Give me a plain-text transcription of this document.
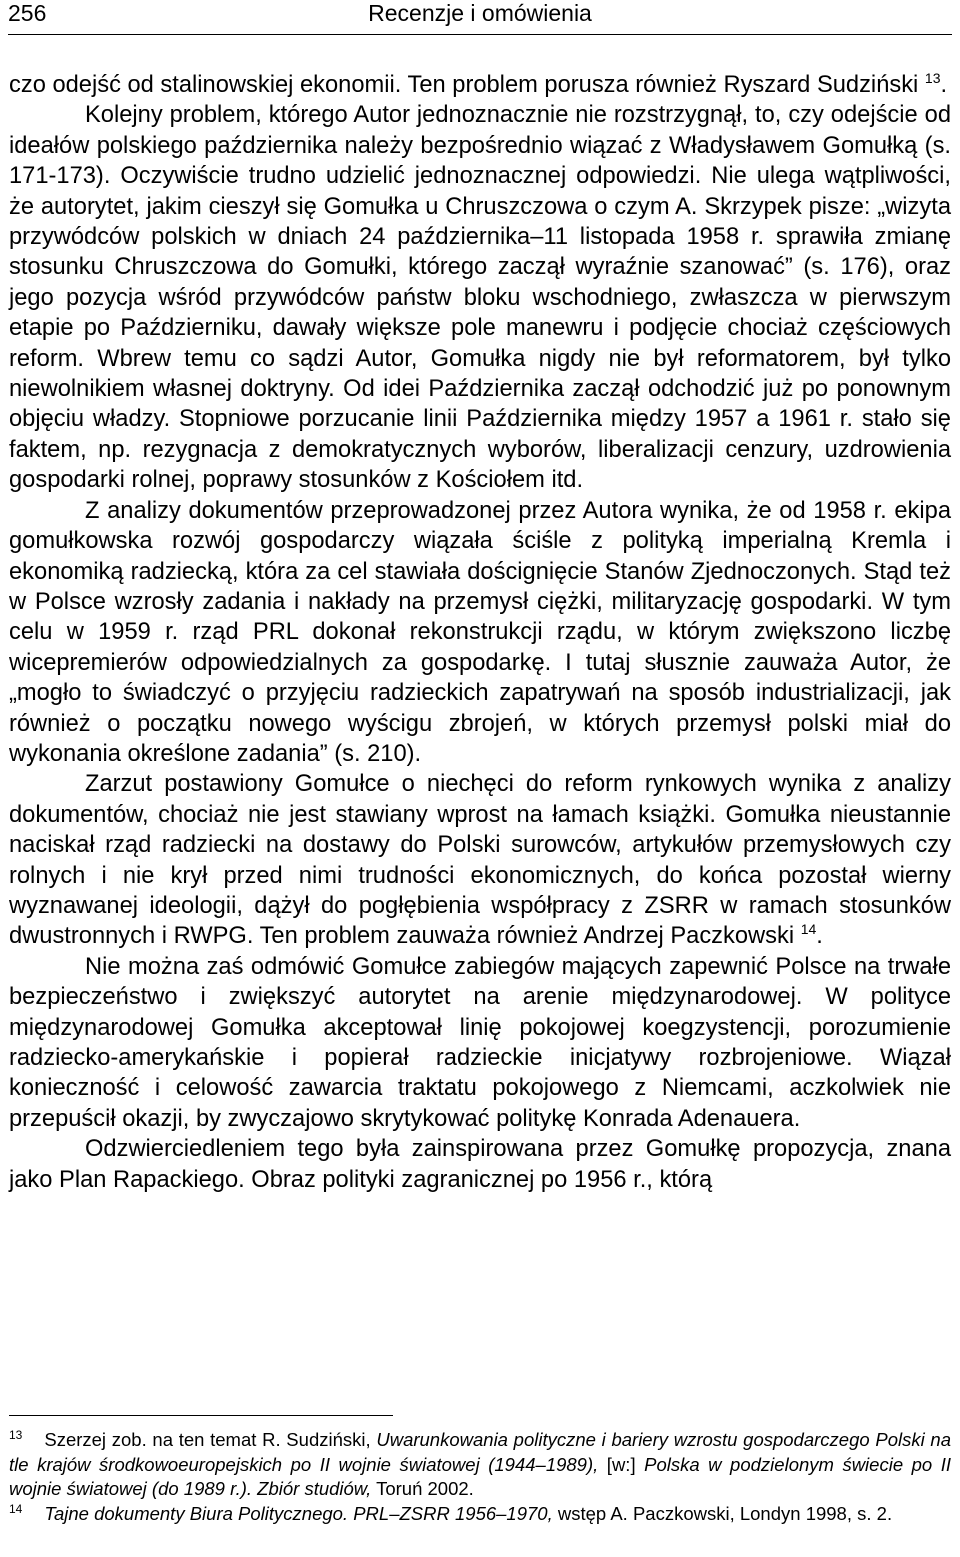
256	Recenzje i omówienia

czo odejść od stalinowskiej ekonomii. Ten problem porusza również Ryszard Sudziński $^{13}$.

Kolejny problem, którego Autor jednoznacznie nie rozstrzygnął, to, czy odejście od ideałów polskiego października należy bezpośrednio wiązać z Władysławem Gomułką (s. 171-173). Oczywiście trudno udzielić jednoznacznej odpowiedzi. Nie ulega wątpliwości, że autorytet, jakim cieszył się Gomułka u Chruszczowa o czym A. Skrzypek pisze: „wizyta przywódców polskich w dniach 24 października–11 listopada 1958 r. sprawiła zmianę stosunku Chruszczowa do Gomułki, którego zaczął wyraźnie szanować” (s. 176), oraz jego pozycja wśród przywódców państw bloku wschodniego, zwłaszcza w pierwszym etapie po Październiku, dawały większe pole manewru i podjęcie chociaż częściowych reform. Wbrew temu co sądzi Autor, Gomułka nigdy nie był reformatorem, był tylko niewolnikiem własnej doktryny. Od idei Października zaczął odchodzić już po ponownym objęciu władzy. Stopniowe porzucanie linii Października między 1957 a 1961 r. stało się faktem, np. rezygnacja z demokratycznych wyborów, liberalizacji cenzury, uzdrowienia gospodarki rolnej, poprawy stosunków z Kościołem itd.

Z analizy dokumentów przeprowadzonej przez Autora wynika, że od 1958 r. ekipa gomułkowska rozwój gospodarczy wiązała ściśle z polityką imperialną Kremla i ekonomiką radziecką, która za cel stawiała doścignięcie Stanów Zjednoczonych. Stąd też w Polsce wzrosły zadania i nakłady na przemysł ciężki, militaryzację gospodarki. W tym celu w 1959 r. rząd PRL dokonał rekonstrukcji rządu, w którym zwiększono liczbę wicepremierów odpowiedzialnych za gospodarkę. I tutaj słusznie zauważa Autor, że „mogło to świadczyć o przyjęciu radzieckich zapatrywań na sposób industrializacji, jak również o początku nowego wyścigu zbrojeń, w których przemysł polski miał do wykonania określone zadania” (s. 210).

Zarzut postawiony Gomułce o niechęci do reform rynkowych wynika z analizy dokumentów, chociaż nie jest stawiany wprost na łamach książki. Gomułka nieustannie naciskał rząd radziecki na dostawy do Polski surowców, artykułów przemysłowych czy rolnych i nie krył przed nimi trudności ekonomicznych, do końca pozostał wierny wyznawanej ideologii, dążył do pogłębienia współpracy z ZSRR w ramach stosunków dwustronnych i RWPG. Ten problem zauważa również Andrzej Paczkowski $^{14}$.

Nie można zaś odmówić Gomułce zabiegów mających zapewnić Polsce na trwałe bezpieczeństwo i zwiększyć autorytet na arenie międzynarodowej. W polityce międzynarodowej Gomułka akceptował linię pokojowej koegzystencji, porozumienie radziecko-amerykańskie i popierał radzieckie inicjatywy rozbrojeniowe. Wiązał konieczność i celowość zawarcia traktatu pokojowego z Niemcami, aczkolwiek nie przepuścił okazji, by zwyczajowo skrytykować politykę Konrada Adenauera.

Odzwierciedleniem tego była zainspirowana przez Gomułkę propozycja, znana jako Plan Rapackiego. Obraz polityki zagranicznej po 1956 r., którą

$^{13}$ Szerzej zob. na ten temat R. Sudziński, Uwarunkowania polityczne i bariery wzrostu gospodarczego Polski na tle krajów środkowoeuropejskich po II wojnie światowej (1944–1989), [w:] Polska w podzielonym świecie po II wojnie światowej (do 1989 r.). Zbiór studiów, Toruń 2002.

$^{14}$ Tajne dokumenty Biura Politycznego. PRL–ZSRR 1956–1970, wstęp A. Paczkowski, Londyn 1998, s. 2.
